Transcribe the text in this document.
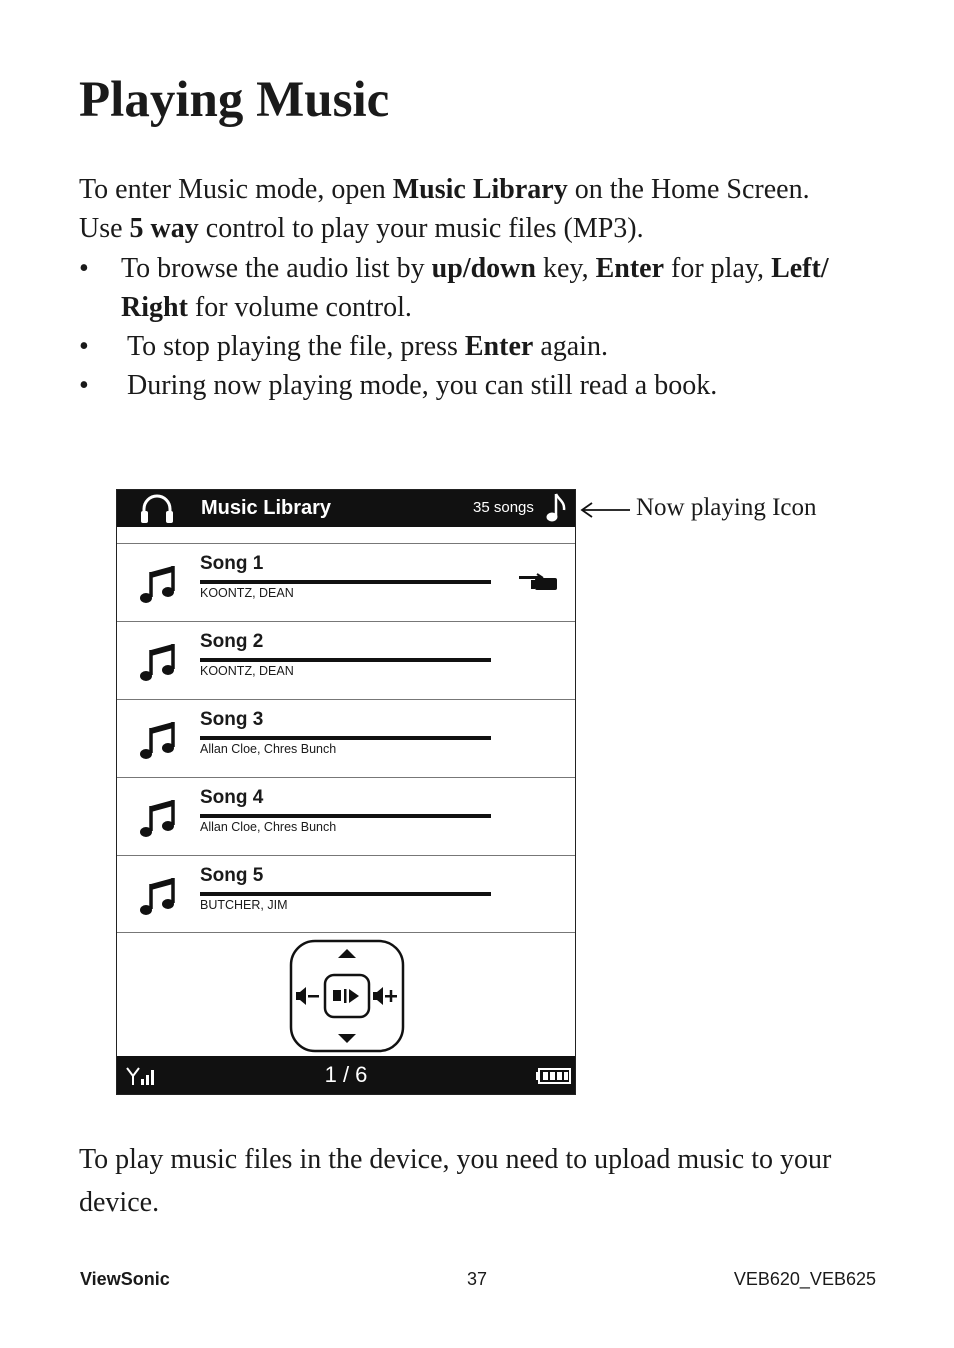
Playing Music

To enter Music mode, open Music Library on the Home Screen.
Use 5 way control to play your music files (MP3).

• To browse the audio list by up/down key, Enter for play, Left/
Right for volume control.
• To stop playing the file, press Enter again.
• During now playing mode, you can still read a book.
Music Library	35 songs
Song 1
KOONTZ, DEAN
Song 2
KOONTZ, DEAN
Song 3
Allan Cloe, Chres Bunch
Song 4
Allan Cloe, Chres Bunch
Song 5
BUTCHER, JIM
1 / 6
Now playing Icon

To play music files in the device, you need to upload music to your device.

ViewSonic	37	VEB620_VEB625
